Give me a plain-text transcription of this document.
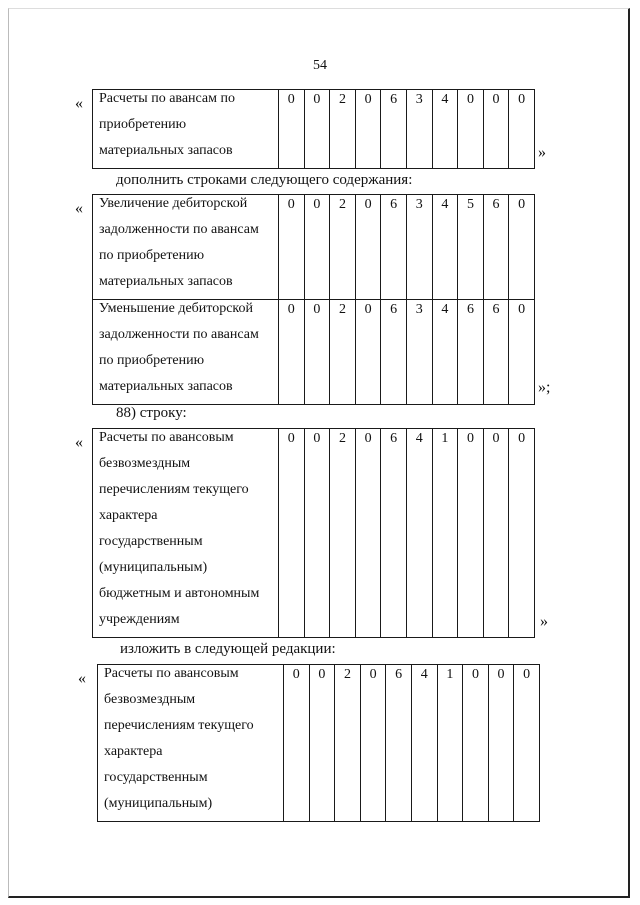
54
«	Расчеты по авансам по
приобретению
материальных запасов
	0	0	2	0	6	3	4	0	0	0
»
дополнить строками следующего содержания:
«	Увеличение дебиторской
задолженности по авансам
по приобретению
материальных запасов	0	0	2	0	6	3	4	5	6	0

Уменьшение дебиторской
задолженности по авансам
по приобретению
материальных запасов	0	0	2	0	6	3	4	6	6	0
»;
88) строку:
«	Расчеты по авансовым
безвозмездным
перечислениям текущего
характера
государственным
(муниципальным)
бюджетным и автономным
учреждениям
	0	0	2	0	6	4	1	0	0	0
»
изложить в следующей редакции:
«	Расчеты по авансовым
безвозмездным
перечислениям текущего
характера
государственным
(муниципальным)
	0	0	2	0	6	4	1	0	0	0
